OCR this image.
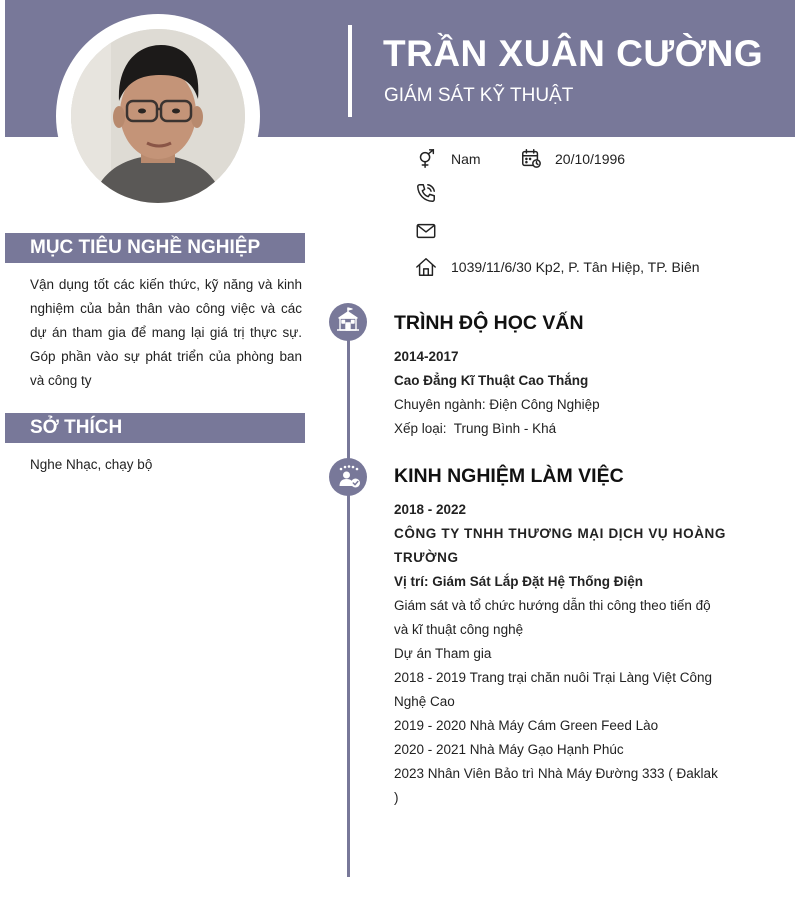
TRẦN XUÂN CƯỜNG
GIÁM SÁT KỸ THUẬT
Nam	20/10/1996
1039/11/6/30 Kp2, P. Tân Hiệp, TP. Biên
MỤC TIÊU NGHỀ NGHIỆP
Vận dụng tốt các kiến thức, kỹ năng và kinh nghiệm của bản thân vào công việc và các dự án tham gia để mang lại giá trị thực sự. Góp phần vào sự phát triển của phòng ban và công ty
SỞ THÍCH
Nghe Nhạc, chạy bộ
TRÌNH ĐỘ HỌC VẤN
2014-2017
Cao Đẳng Kĩ Thuật Cao Thắng
Chuyên ngành: Điện Công Nghiệp
Xếp loại:  Trung Bình - Khá
KINH NGHIỆM LÀM VIỆC
2018 - 2022
CÔNG TY TNHH THƯƠNG MẠI DỊCH VỤ HOÀNG TRƯỜNG
Vị trí: Giám Sát Lắp Đặt Hệ Thống Điện
Giám sát và tổ chức hướng dẫn thi công theo tiến độ và kĩ thuật công nghệ
Dự án Tham gia
2018 - 2019 Trang trại chăn nuôi Trại Làng Việt Công Nghệ Cao
2019 - 2020 Nhà Máy Cám Green Feed Lào
2020 - 2021 Nhà Máy Gạo Hạnh Phúc
2023 Nhân Viên Bảo trì Nhà Máy Đường 333 ( Đaklak )
